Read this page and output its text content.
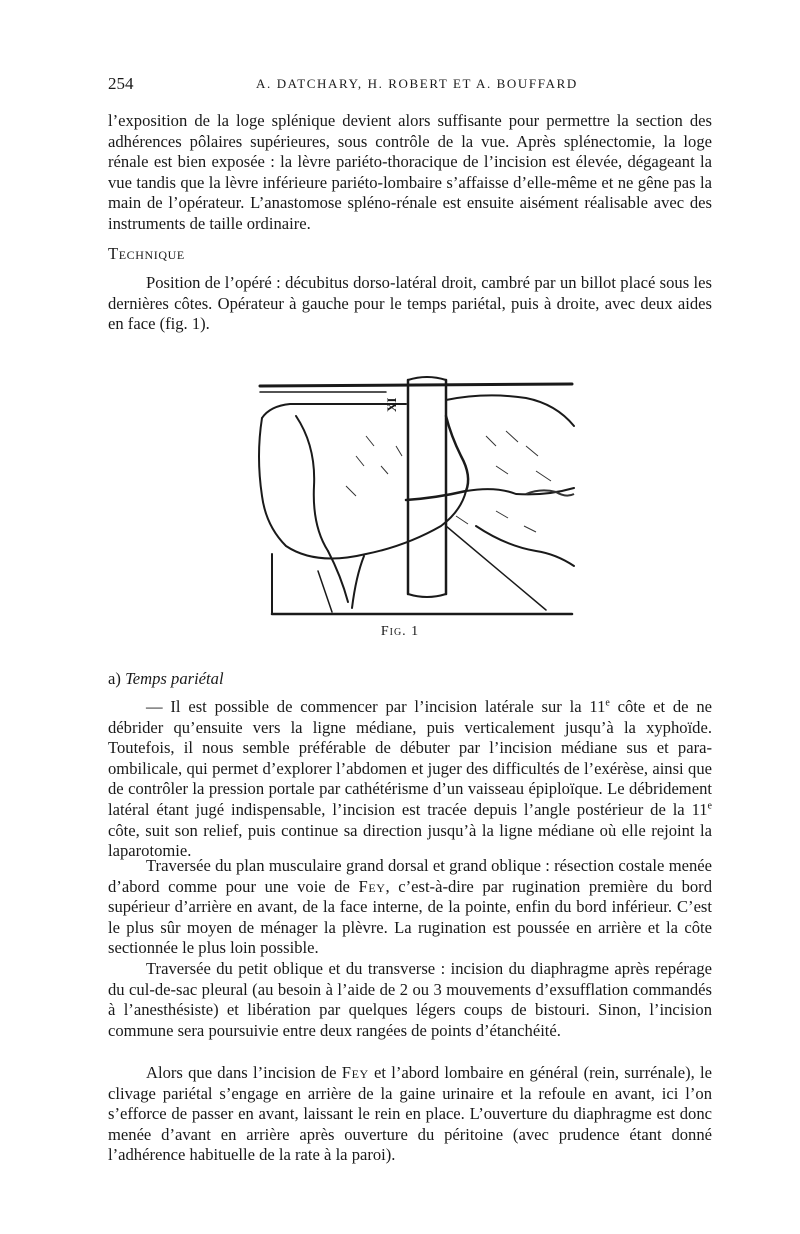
254	A. DATCHARY, H. ROBERT ET A. BOUFFARD

l’exposition de la loge splénique devient alors suffisante pour permettre la section des adhérences pôlaires supérieures, sous contrôle de la vue. Après splénectomie, la loge rénale est bien exposée : la lèvre pariéto-thoracique de l’incision est élevée, dégageant la vue tandis que la lèvre inférieure pariéto-lombaire s’affaisse d’elle-même et ne gêne pas la main de l’opérateur. L’anastomose spléno-rénale est ensuite aisément réalisable avec des instruments de taille ordinaire.

Technique

Position de l’opéré : décubitus dorso-latéral droit, cambré par un billot placé sous les dernières côtes. Opérateur à gauche pour le temps pariétal, puis à droite, avec deux aides en face (fig. 1).

XI
Fig. 1
a) Temps pariétal

— Il est possible de commencer par l’incision latérale sur la 11e côte et de ne débrider qu’ensuite vers la ligne médiane, puis verticalement jusqu’à la xyphoïde. Toutefois, il nous semble préférable de débuter par l’incision médiane sus et para-ombilicale, qui permet d’explorer l’abdomen et juger des difficultés de l’exérèse, ainsi que de contrôler la pression portale par cathétérisme d’un vaisseau épiploïque. Le débridement latéral étant jugé indispensable, l’incision est tracée depuis l’angle postérieur de la 11e côte, suit son relief, puis continue sa direction jusqu’à la ligne médiane où elle rejoint la laparotomie.

Traversée du plan musculaire grand dorsal et grand oblique : résection costale menée d’abord comme pour une voie de Fey, c’est-à-dire par rugination première du bord supérieur d’arrière en avant, de la face interne, de la pointe, enfin du bord inférieur. C’est le plus sûr moyen de ménager la plèvre. La rugination est poussée en arrière et la côte sectionnée le plus loin possible.

Traversée du petit oblique et du transverse : incision du diaphragme après repérage du cul-de-sac pleural (au besoin à l’aide de 2 ou 3 mouvements d’exsufflation commandés à l’anesthésiste) et libération par quelques légers coups de bistouri. Sinon, l’incision commune sera poursuivie entre deux rangées de points d’étanchéité.

Alors que dans l’incision de Fey et l’abord lombaire en général (rein, surrénale), le clivage pariétal s’engage en arrière de la gaine urinaire et la refoule en avant, ici l’on s’efforce de passer en avant, laissant le rein en place. L’ouverture du diaphragme est donc menée d’avant en arrière après ouverture du péritoine (avec prudence étant donné l’adhérence habituelle de la rate à la paroi).
